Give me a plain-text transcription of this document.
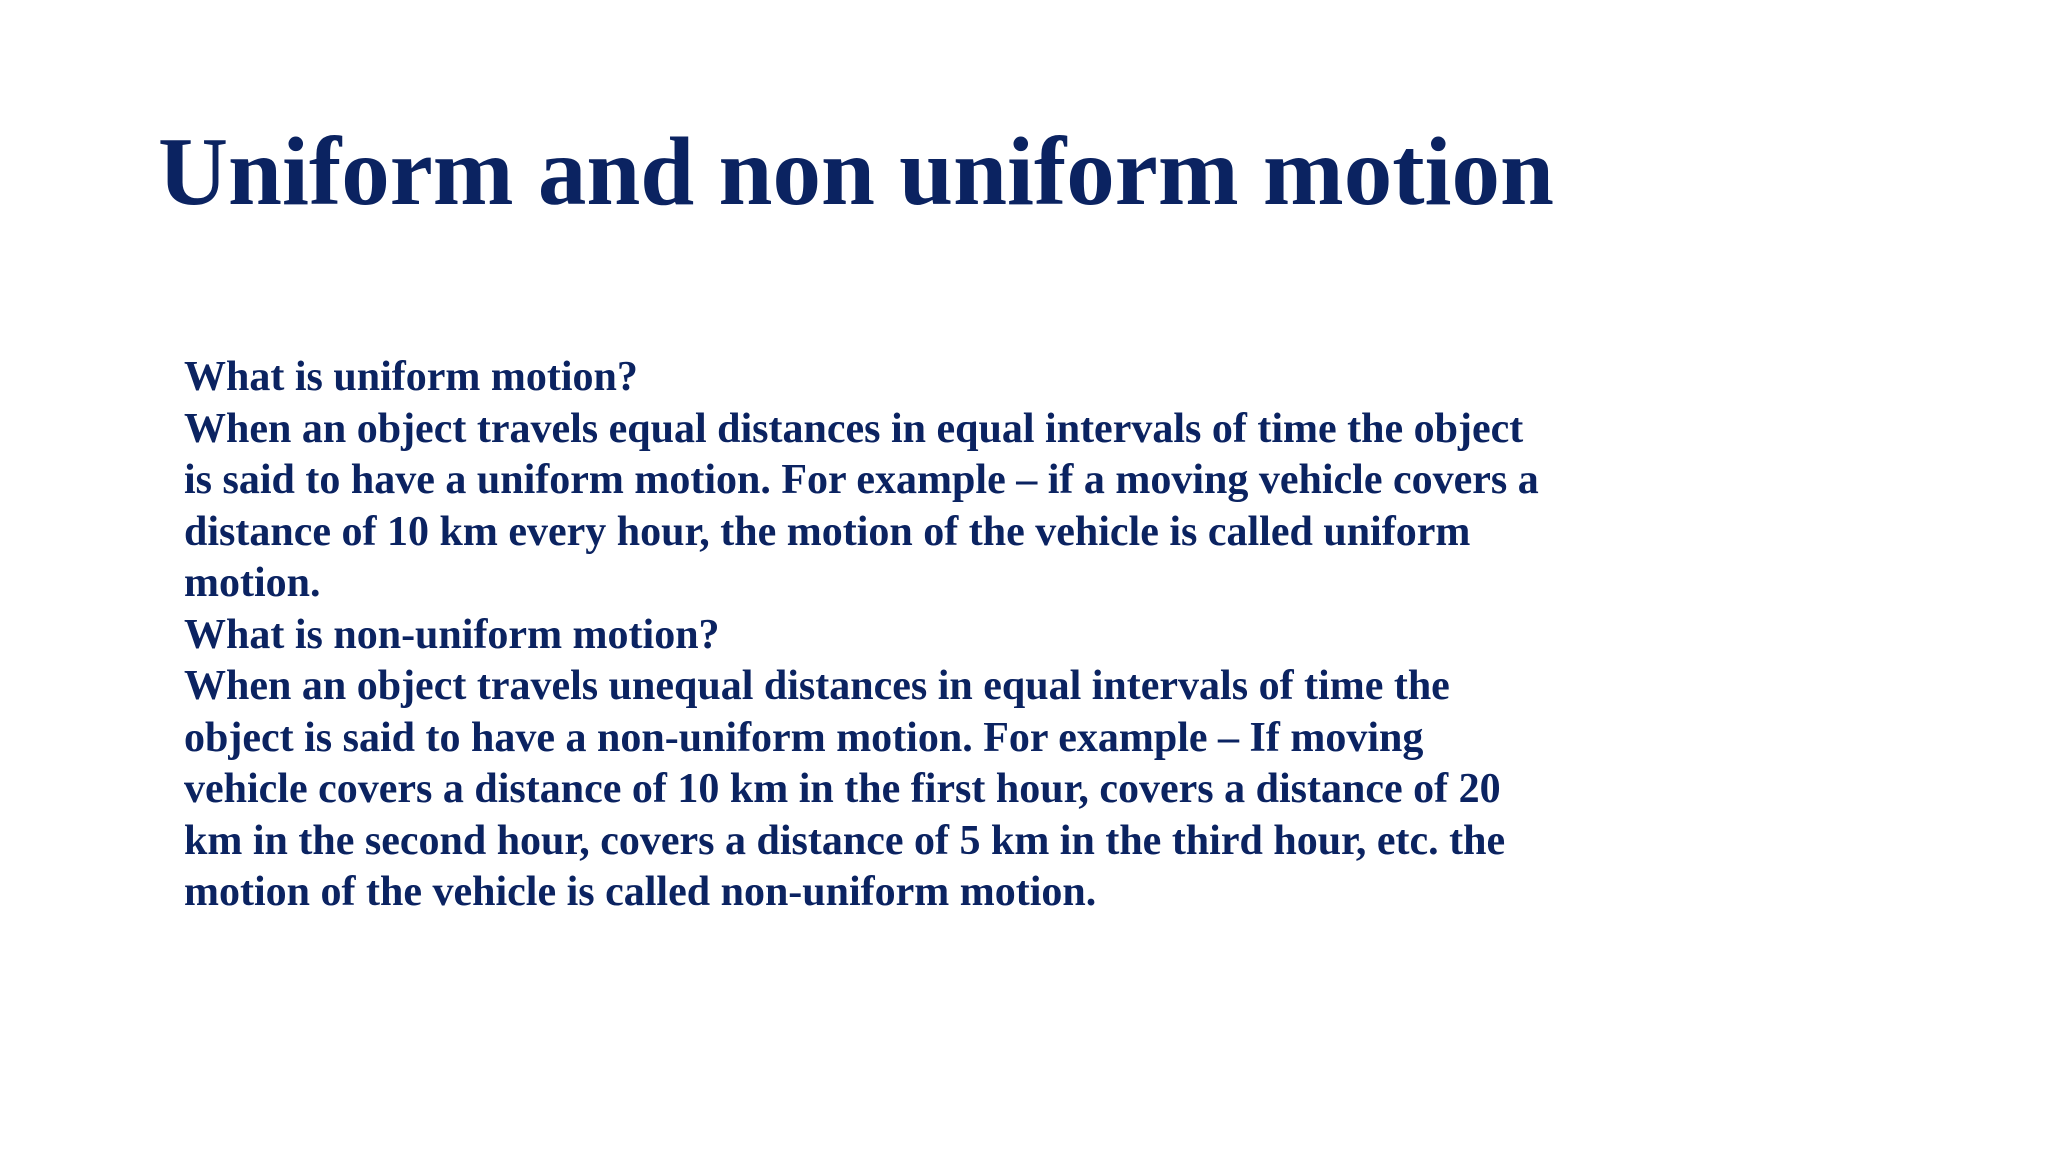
Uniform and non uniform motion
What is uniform motion?
When an object travels equal distances in equal intervals of time the object
is said to have a uniform motion. For example – if a moving vehicle covers a
distance of 10 km every hour, the motion of the vehicle is called uniform
motion.
What is non-uniform motion?
When an object travels unequal distances in equal intervals of time the
object is said to have a non-uniform motion. For example – If moving
vehicle covers a distance of 10 km in the first hour, covers a distance of 20
km in the second hour, covers a distance of 5 km in the third hour, etc. the
motion of the vehicle is called non-uniform motion.
